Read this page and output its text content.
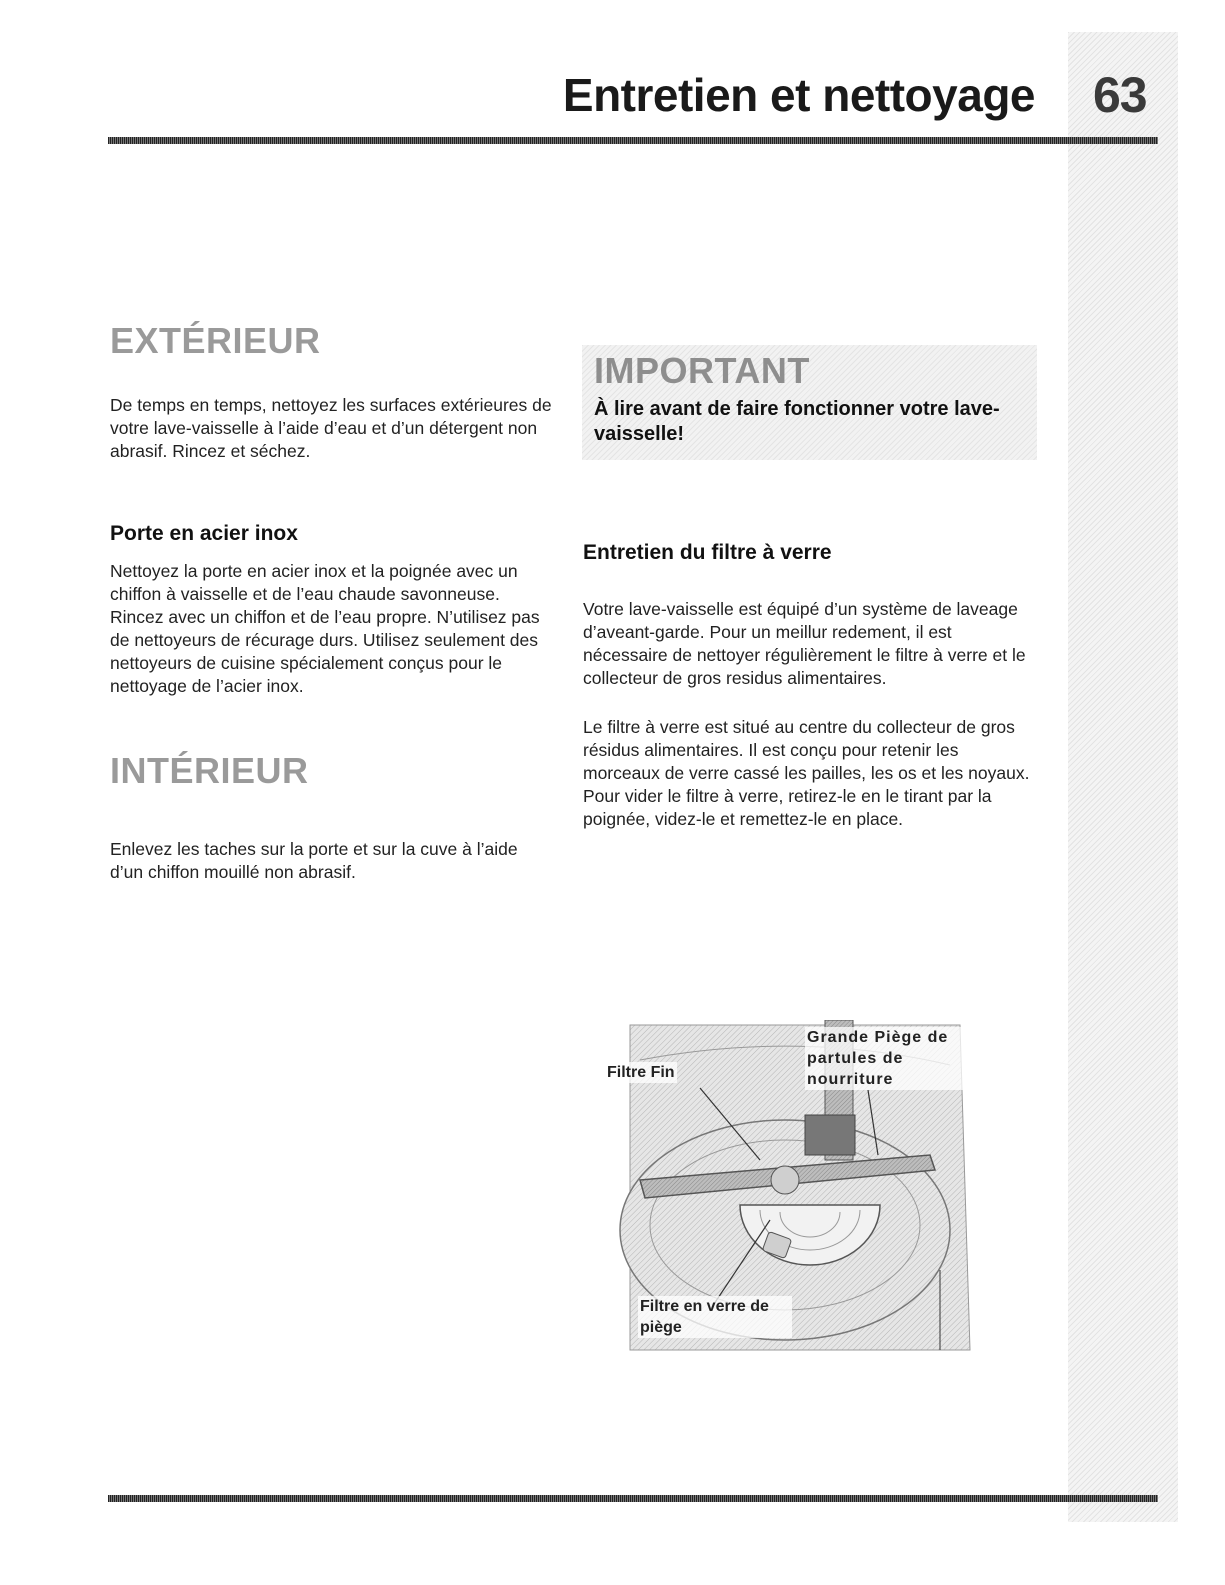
Entretien et nettoyage 63
EXTÉRIEUR

De temps en temps, nettoyez les surfaces extérieures de votre lave-vaisselle à l’aide d’eau et d’un détergent non abrasif. Rincez et séchez.

Porte en acier inox

Nettoyez la porte en acier inox et la poignée avec un chiffon à vaisselle et de l’eau chaude savonneuse. Rincez avec un chiffon et de l’eau propre. N’utilisez pas de nettoyeurs de récurage durs. Utilisez seulement des nettoyeurs de cuisine spécialement conçus pour le nettoyage de l’acier inox.

INTÉRIEUR

Enlevez les taches sur la porte et sur la cuve à l’aide d’un chiffon mouillé non abrasif.

IMPORTANT

À lire avant de faire fonctionner votre lave-vaisselle!

Entretien du filtre à verre

Votre lave-vaisselle est équipé d’un système de laveage d’aveant-garde. Pour un meillur redement, il est nécessaire de nettoyer régulièrement le filtre à verre et le collecteur de gros residus alimentaires.

Le filtre à verre est situé au centre du collecteur de gros résidus alimentaires. Il est conçu pour retenir les morceaux de verre cassé les pailles, les os et les noyaux. Pour vider le filtre à verre, retirez-le en le tirant par la poignée, videz-le et remettez-le en place.

Filtre Fin
Grande Piège de partules de nourriture
Filtre en verre de piège
